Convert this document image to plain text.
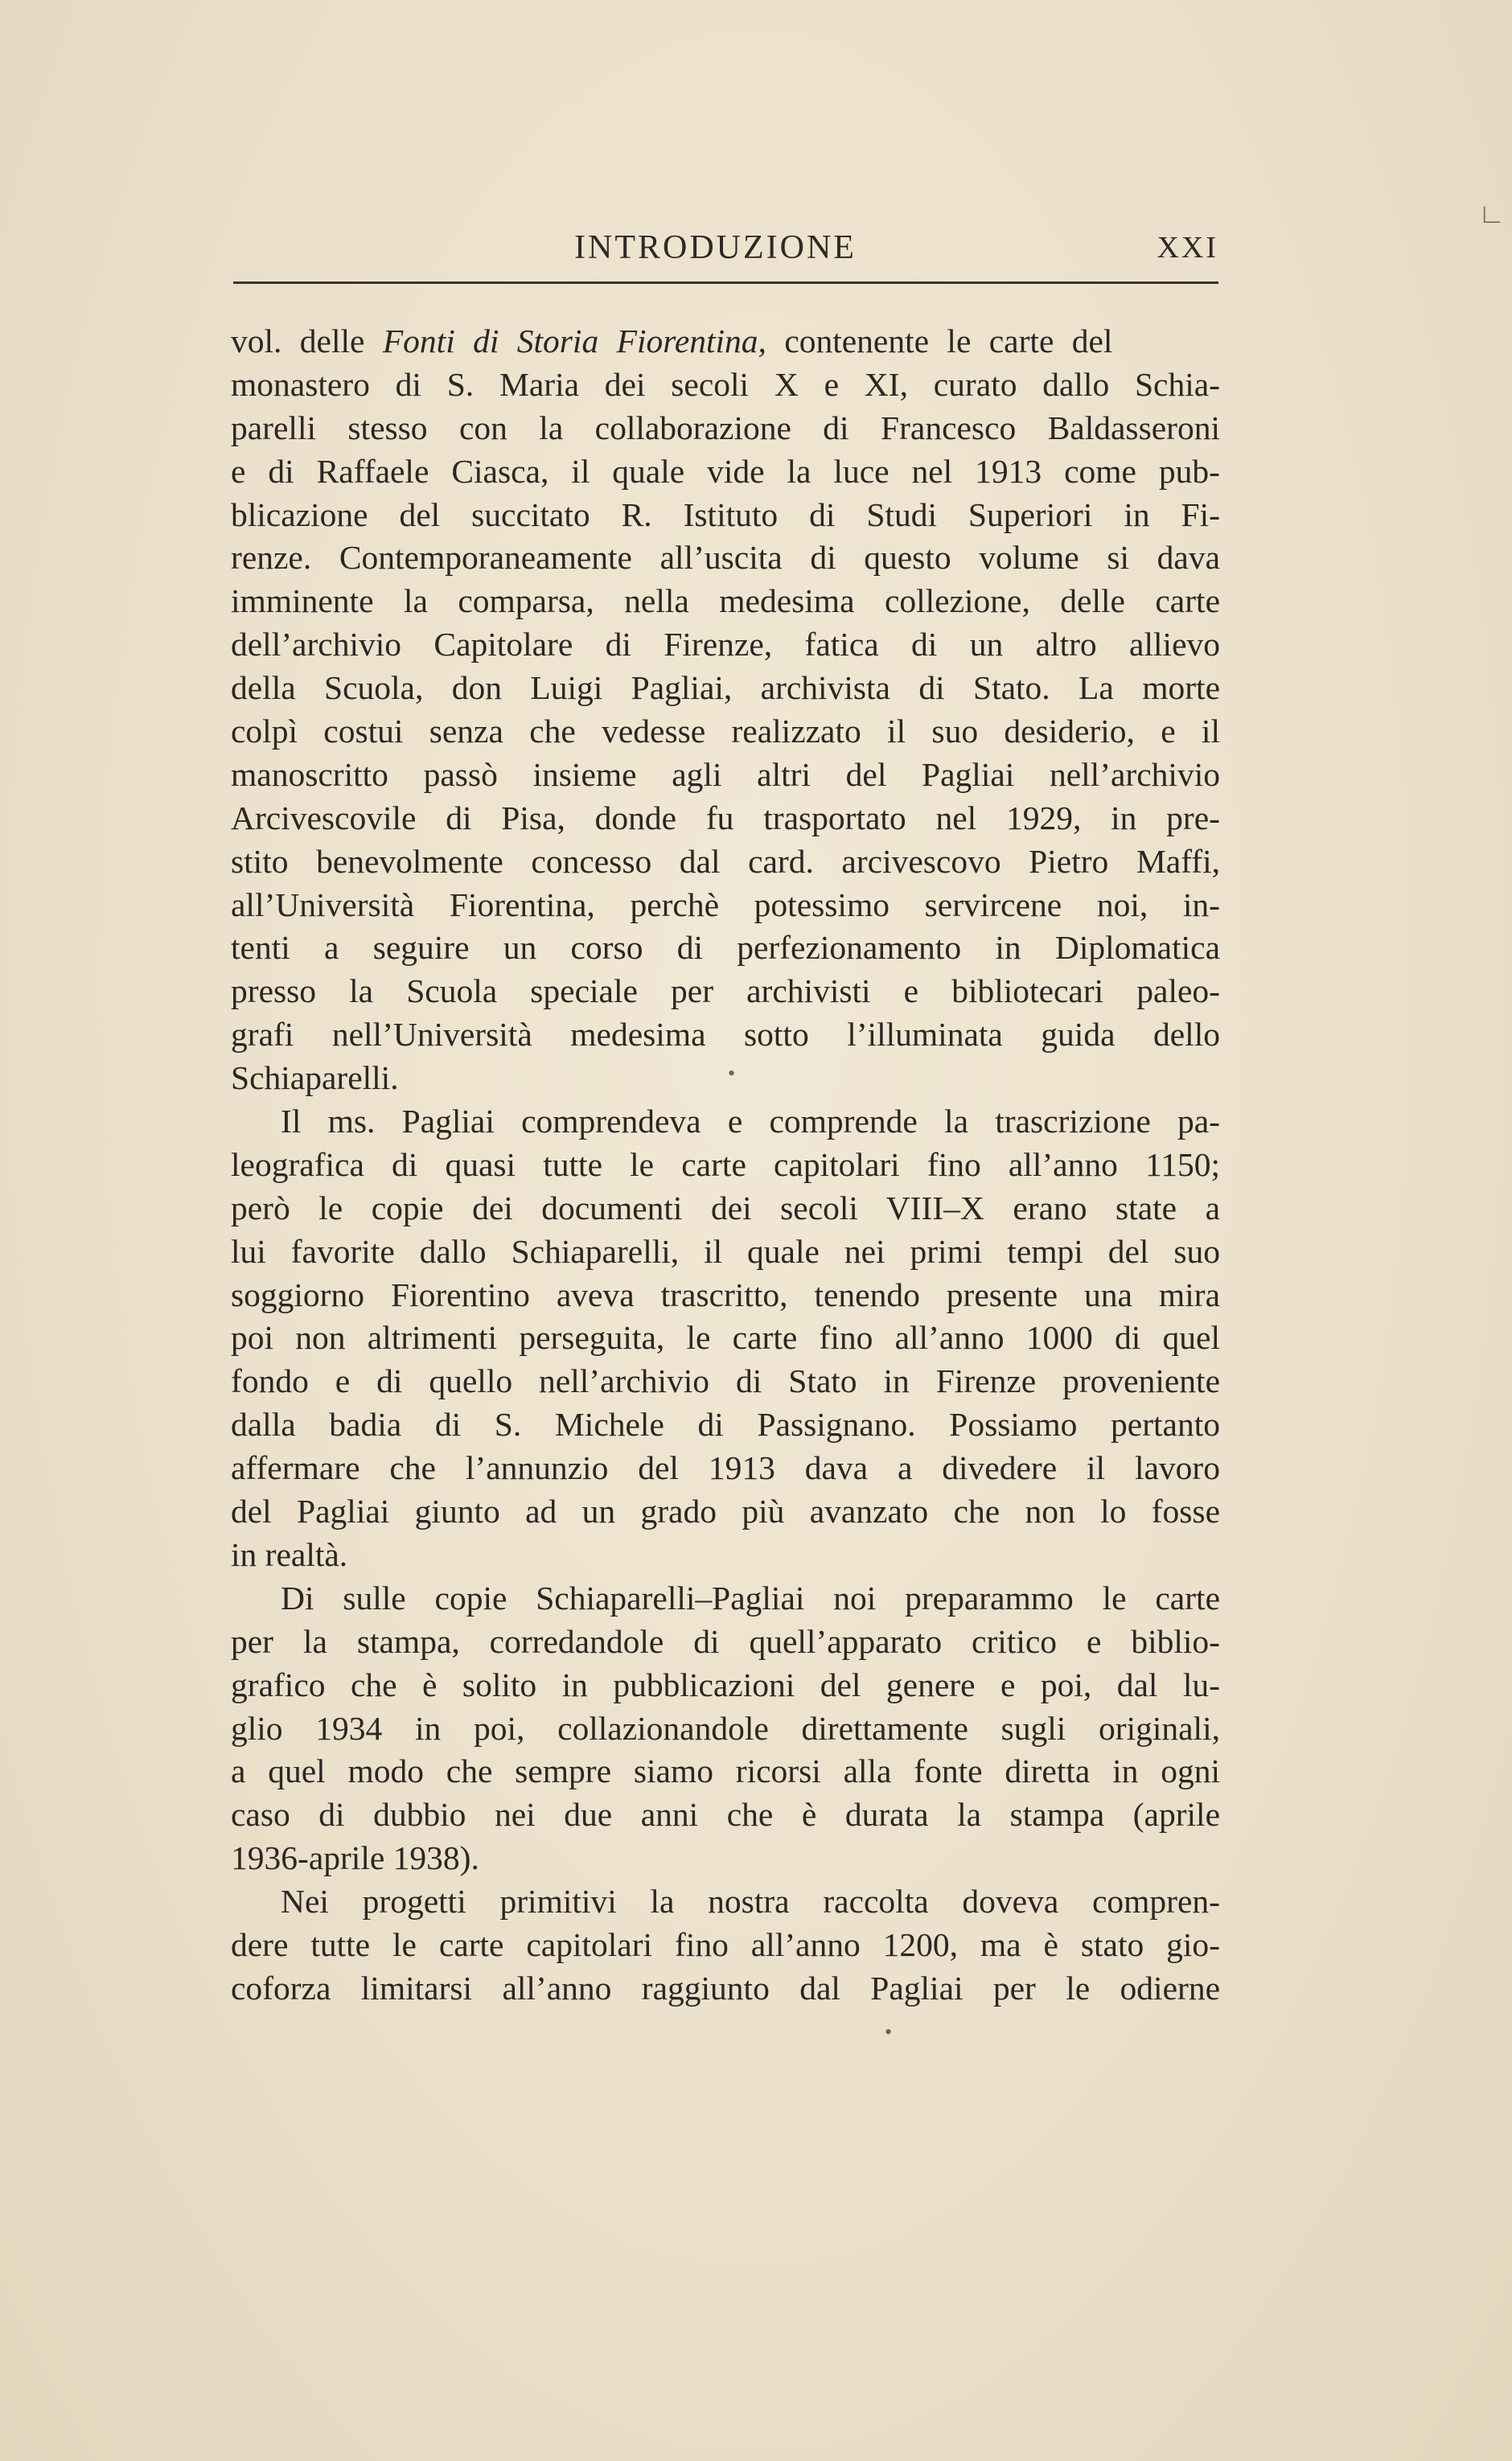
INTRODUZIONE	XXI
vol. delle Fonti di Storia Fiorentina, contenente le carte del
monastero di S. Maria dei secoli X e XI, curato dallo Schia-
parelli stesso con la collaborazione di Francesco Baldasseroni
e di Raffaele Ciasca, il quale vide la luce nel 1913 come pub-
blicazione del succitato R. Istituto di Studi Superiori in Fi-
renze. Contemporaneamente all’uscita di questo volume si dava
imminente la comparsa, nella medesima collezione, delle carte
dell’archivio Capitolare di Firenze, fatica di un altro allievo
della Scuola, don Luigi Pagliai, archivista di Stato. La morte
colpì costui senza che vedesse realizzato il suo desiderio, e il
manoscritto passò insieme agli altri del Pagliai nell’archivio
Arcivescovile di Pisa, donde fu trasportato nel 1929, in pre-
stito benevolmente concesso dal card. arcivescovo Pietro Maffi,
all’Università Fiorentina, perchè potessimo servircene noi, in-
tenti a seguire un corso di perfezionamento in Diplomatica
presso la Scuola speciale per archivisti e bibliotecari paleo-
grafi nell’Università medesima sotto l’illuminata guida dello
Schiaparelli.
Il ms. Pagliai comprendeva e comprende la trascrizione pa-
leografica di quasi tutte le carte capitolari fino all’anno 1150;
però le copie dei documenti dei secoli VIII–X erano state a
lui favorite dallo Schiaparelli, il quale nei primi tempi del suo
soggiorno Fiorentino aveva trascritto, tenendo presente una mira
poi non altrimenti perseguita, le carte fino all’anno 1000 di quel
fondo e di quello nell’archivio di Stato in Firenze proveniente
dalla badia di S. Michele di Passignano. Possiamo pertanto
affermare che l’annunzio del 1913 dava a divedere il lavoro
del Pagliai giunto ad un grado più avanzato che non lo fosse
in realtà.
Di sulle copie Schiaparelli–Pagliai noi preparammo le carte
per la stampa, corredandole di quell’apparato critico e biblio-
grafico che è solito in pubblicazioni del genere e poi, dal lu-
glio 1934 in poi, collazionandole direttamente sugli originali,
a quel modo che sempre siamo ricorsi alla fonte diretta in ogni
caso di dubbio nei due anni che è durata la stampa (aprile
1936-aprile 1938).
Nei progetti primitivi la nostra raccolta doveva compren-
dere tutte le carte capitolari fino all’anno 1200, ma è stato gio-
coforza limitarsi all’anno raggiunto dal Pagliai per le odierne
•
•
∟
